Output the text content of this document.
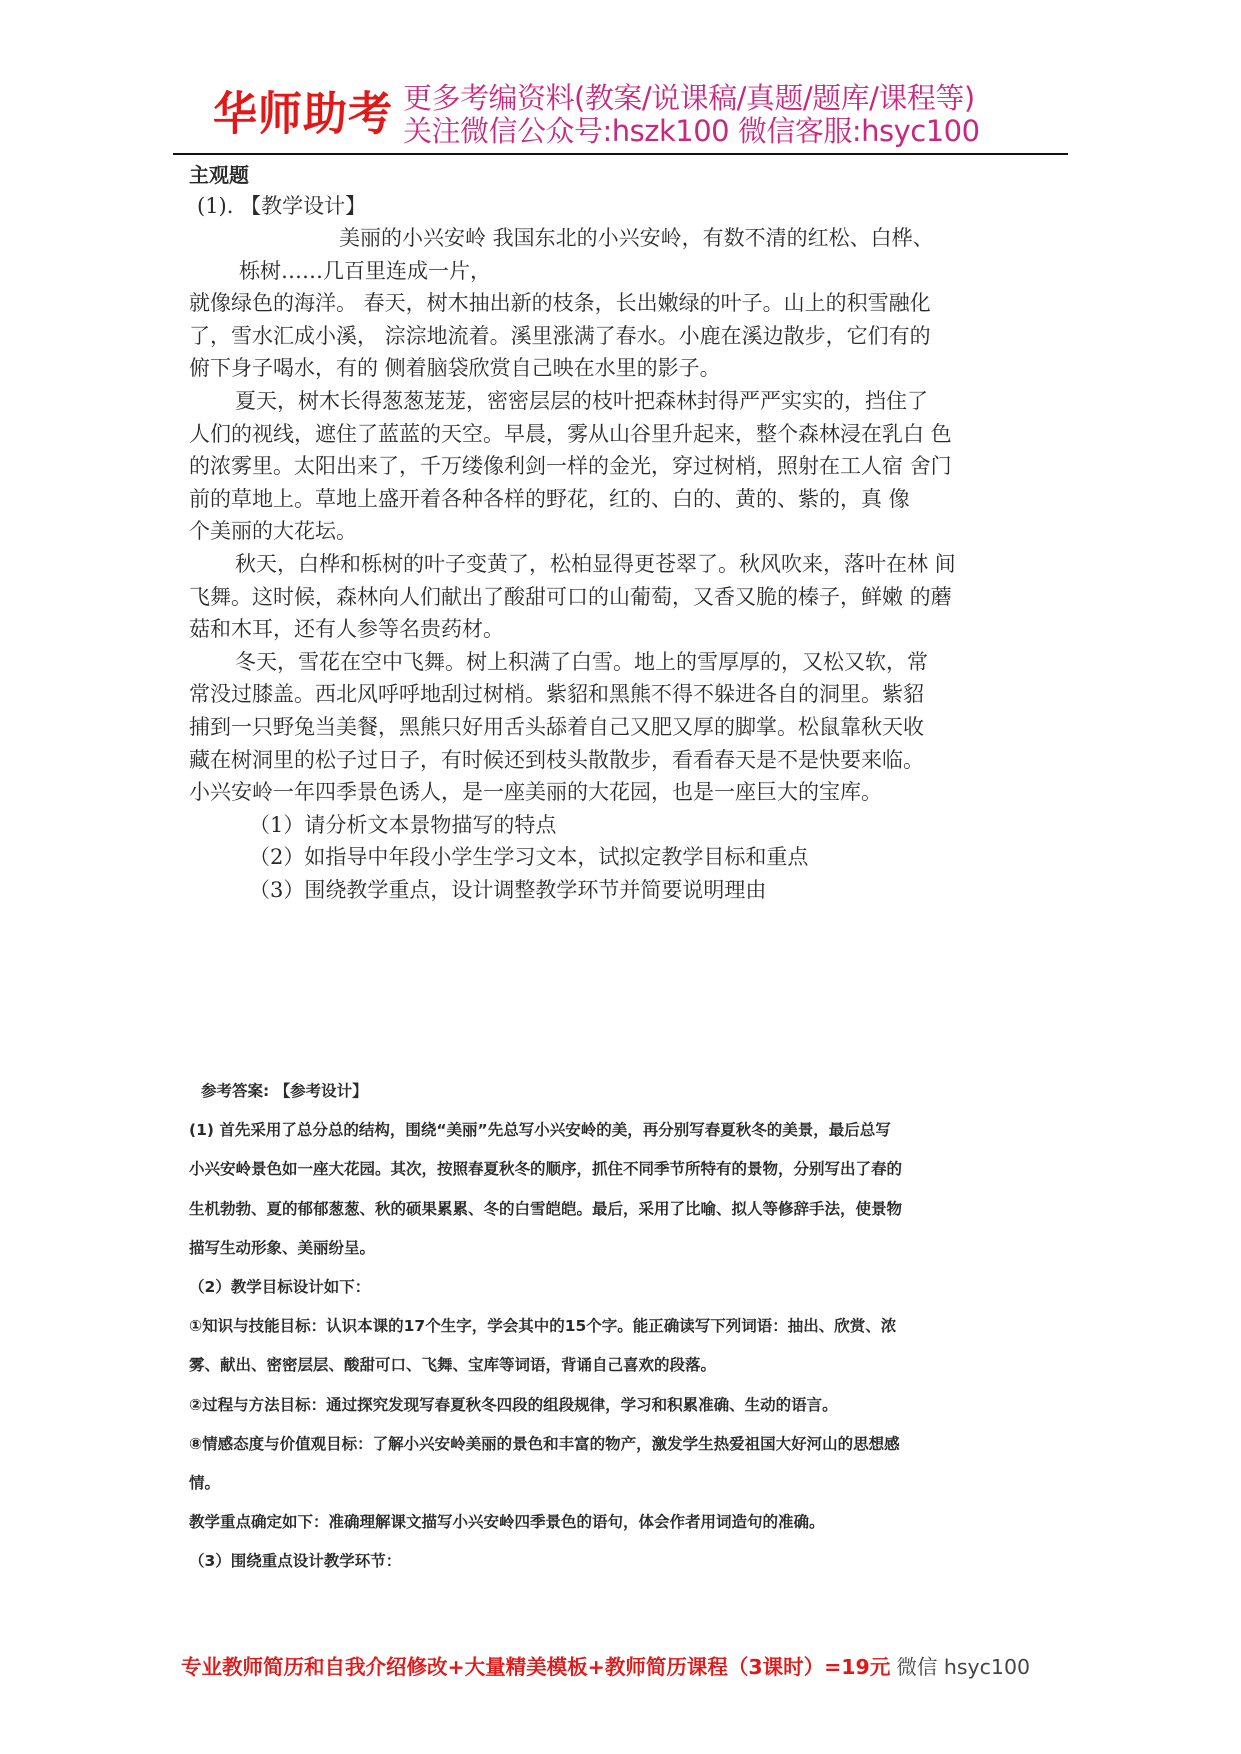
华师助考 更多考编资料(教案/说课稿/真题/题库/课程等)
关注微信公众号:hszk100 微信客服:hsyc100
主观题
(1). 【教学设计】
美丽的小兴安岭 我国东北的小兴安岭，有数不清的红松、白桦、
栎树……几百里连成一片，
就像绿色的海洋。 春天，树木抽出新的枝条，长出嫩绿的叶子。山上的积雪融化
了，雪水汇成小溪， 淙淙地流着。溪里涨满了春水。小鹿在溪边散步，它们有的
俯下身子喝水，有的 侧着脑袋欣赏自己映在水里的影子。
夏天，树木长得葱葱茏茏，密密层层的枝叶把森林封得严严实实的，挡住了
人们的视线，遮住了蓝蓝的天空。早晨，雾从山谷里升起来，整个森林浸在乳白 色
的浓雾里。太阳出来了，千万缕像利剑一样的金光，穿过树梢，照射在工人宿 舍门
前的草地上。草地上盛开着各种各样的野花，红的、白的、黄的、紫的，真 像
个美丽的大花坛。
秋天，白桦和栎树的叶子变黄了，松柏显得更苍翠了。秋风吹来，落叶在林 间
飞舞。这时候，森林向人们献出了酸甜可口的山葡萄，又香又脆的榛子，鲜嫩 的蘑
菇和木耳，还有人参等名贵药材。
冬天，雪花在空中飞舞。树上积满了白雪。地上的雪厚厚的，又松又软，常
常没过膝盖。西北风呼呼地刮过树梢。紫貂和黑熊不得不躲进各自的洞里。紫貂
捕到一只野兔当美餐，黑熊只好用舌头舔着自己又肥又厚的脚掌。松鼠靠秋天收
藏在树洞里的松子过日子，有时候还到枝头散散步，看看春天是不是快要来临。
小兴安岭一年四季景色诱人，是一座美丽的大花园，也是一座巨大的宝库。
（1）请分析文本景物描写的特点
（2）如指导中年段小学生学习文本，试拟定教学目标和重点
（3）围绕教学重点，设计调整教学环节并简要说明理由
参考答案: 【参考设计】
(1) 首先采用了总分总的结构，围绕“美丽”先总写小兴安岭的美，再分别写春夏秋冬的美景，最后总写
小兴安岭景色如一座大花园。其次，按照春夏秋冬的顺序，抓住不同季节所特有的景物，分别写出了春的
生机勃勃、夏的郁郁葱葱、秋的硕果累累、冬的白雪皑皑。最后，采用了比喻、拟人等修辞手法，使景物
描写生动形象、美丽纷呈。
（2）教学目标设计如下：
①知识与技能目标：认识本课的17个生字，学会其中的15个字。能正确读写下列词语：抽出、欣赏、浓
雾、献出、密密层层、酸甜可口、飞舞、宝库等词语，背诵自己喜欢的段落。
②过程与方法目标：通过探究发现写春夏秋冬四段的组段规律，学习和积累准确、生动的语言。
⑧情感态度与价值观目标：了解小兴安岭美丽的景色和丰富的物产，激发学生热爱祖国大好河山的思想感
情。
教学重点确定如下：准确理解课文描写小兴安岭四季景色的语句，体会作者用词造句的准确。
（3）围绕重点设计教学环节：
专业教师简历和自我介绍修改+大量精美模板+教师简历课程（3课时）=19元 微信 hsyc100
